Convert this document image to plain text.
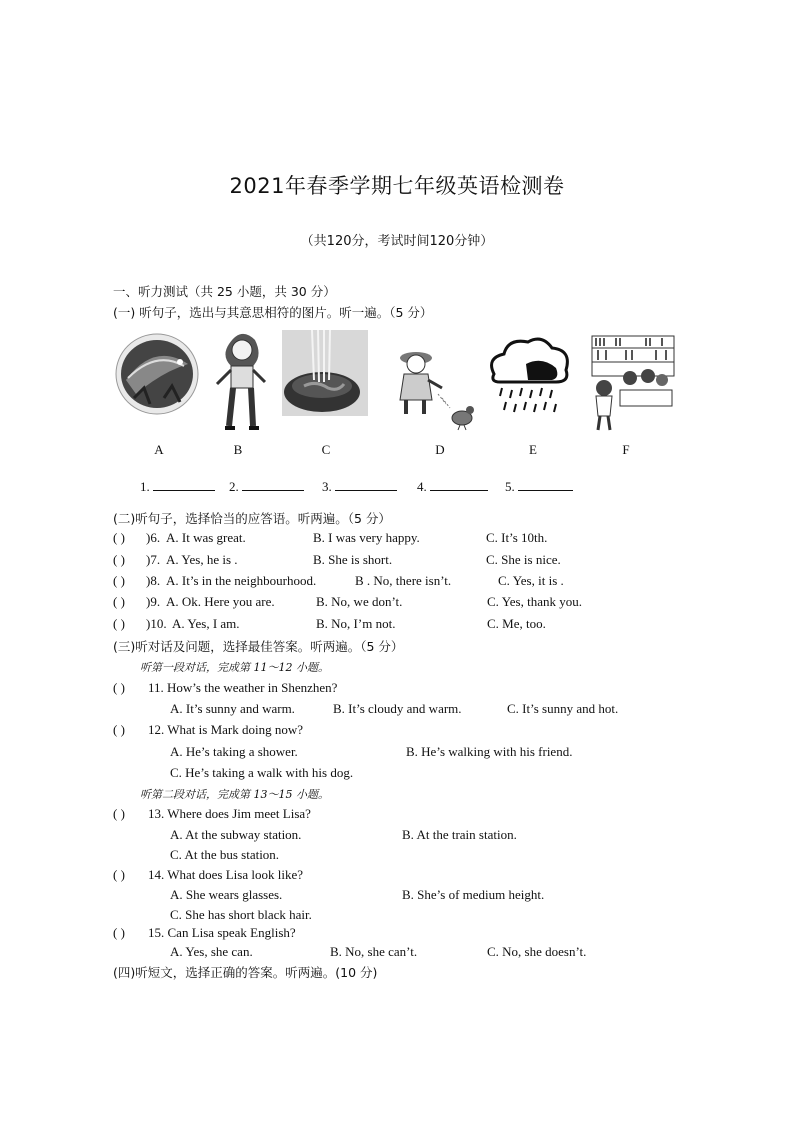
2021年春季学期七年级英语检测卷
（共120分，考试时间120分钟）
一、听力测试（共 25 小题，共 30 分）
(一) 听句子，选出与其意思相符的图片。听一遍。（5 分）
A	B	C	D	E	F
1.	2.	3.	4.	5.
(二)听句子，选择恰当的应答语。听两遍。（5 分）
( ) )6. A. It was great.	B. I was very happy.	C. It’s 10th.
( ) )7. A. Yes, he is .	B. She is short.	C. She is nice.
( ) )8. A. It’s in the neighbourhood.	B . No, there isn’t.	C. Yes, it is .
( ) )9. A. Ok. Here you are.	B. No, we don’t.	C. Yes, thank you.
( ) )10. A. Yes, I am.	B. No, I’m not.	C. Me, too.
(三)听对话及问题，选择最佳答案。听两遍。（5 分）
听第一段对话，完成第 11～12 小题。
( ) 11. How’s the weather in Shenzhen?
A. It’s sunny and warm.	B. It’s cloudy and warm.	C. It’s sunny and hot.
( ) 12. What is Mark doing now?
A. He’s taking a shower.	B. He’s walking with his friend.
C. He’s taking a walk with his dog.
听第二段对话，完成第 13～15 小题。
( ) 13. Where does Jim meet Lisa?
A. At the subway station.	B. At the train station.
C. At the bus station.
( ) 14. What does Lisa look like?
A. She wears glasses.	B. She’s of medium height.
C. She has short black hair.
( ) 15. Can Lisa speak English?
A. Yes, she can.	B. No, she can’t.	C. No, she doesn’t.
(四)听短文，选择正确的答案。听两遍。(10 分)
